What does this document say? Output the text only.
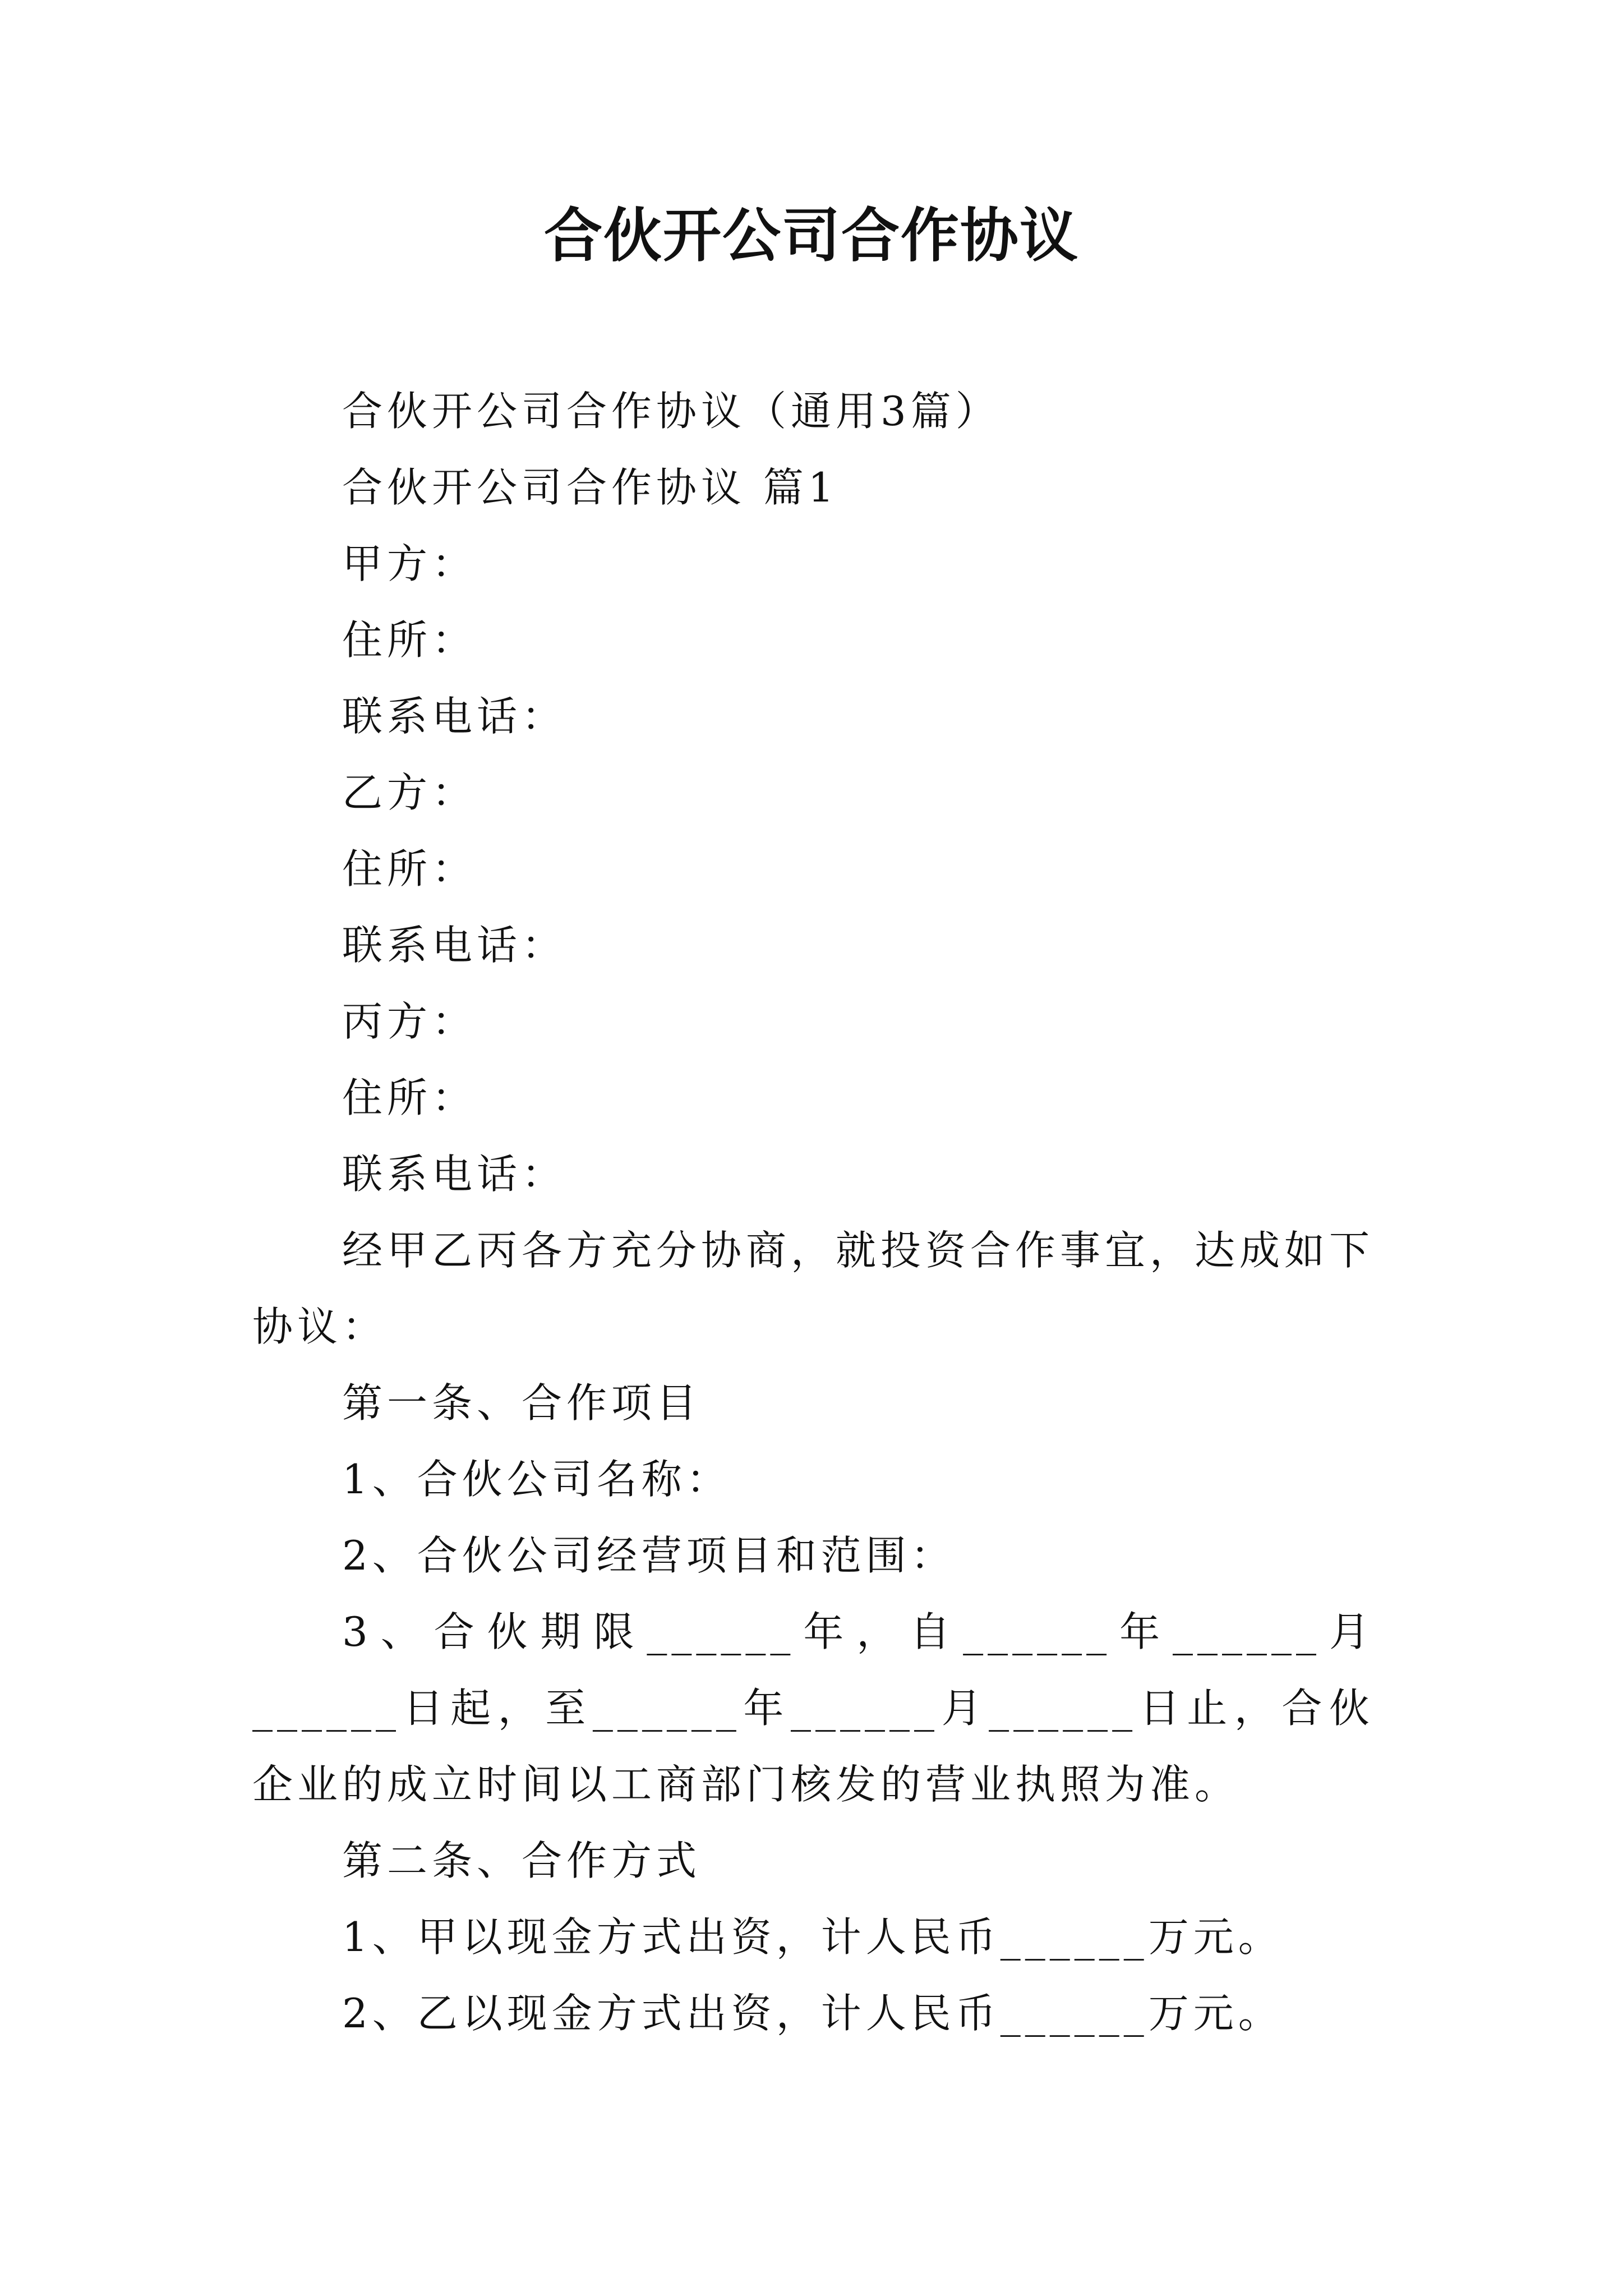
合伙开公司合作协议

合伙开公司合作协议（通用3篇）

合伙开公司合作协议 篇1

甲方：

住所：

联系电话：

乙方：

住所：

联系电话：

丙方：

住所：

联系电话：

经甲乙丙各方充分协商，就投资合作事宜，达成如下协议：

第一条、合作项目

1、合伙公司名称：

2、合伙公司经营项目和范围：

3、合伙期限______年，自______年______月______日起，至______年______月______日止，合伙企业的成立时间以工商部门核发的营业执照为准。

第二条、合作方式

1、甲以现金方式出资，计人民币______万元。

2、乙以现金方式出资，计人民币______万元。
